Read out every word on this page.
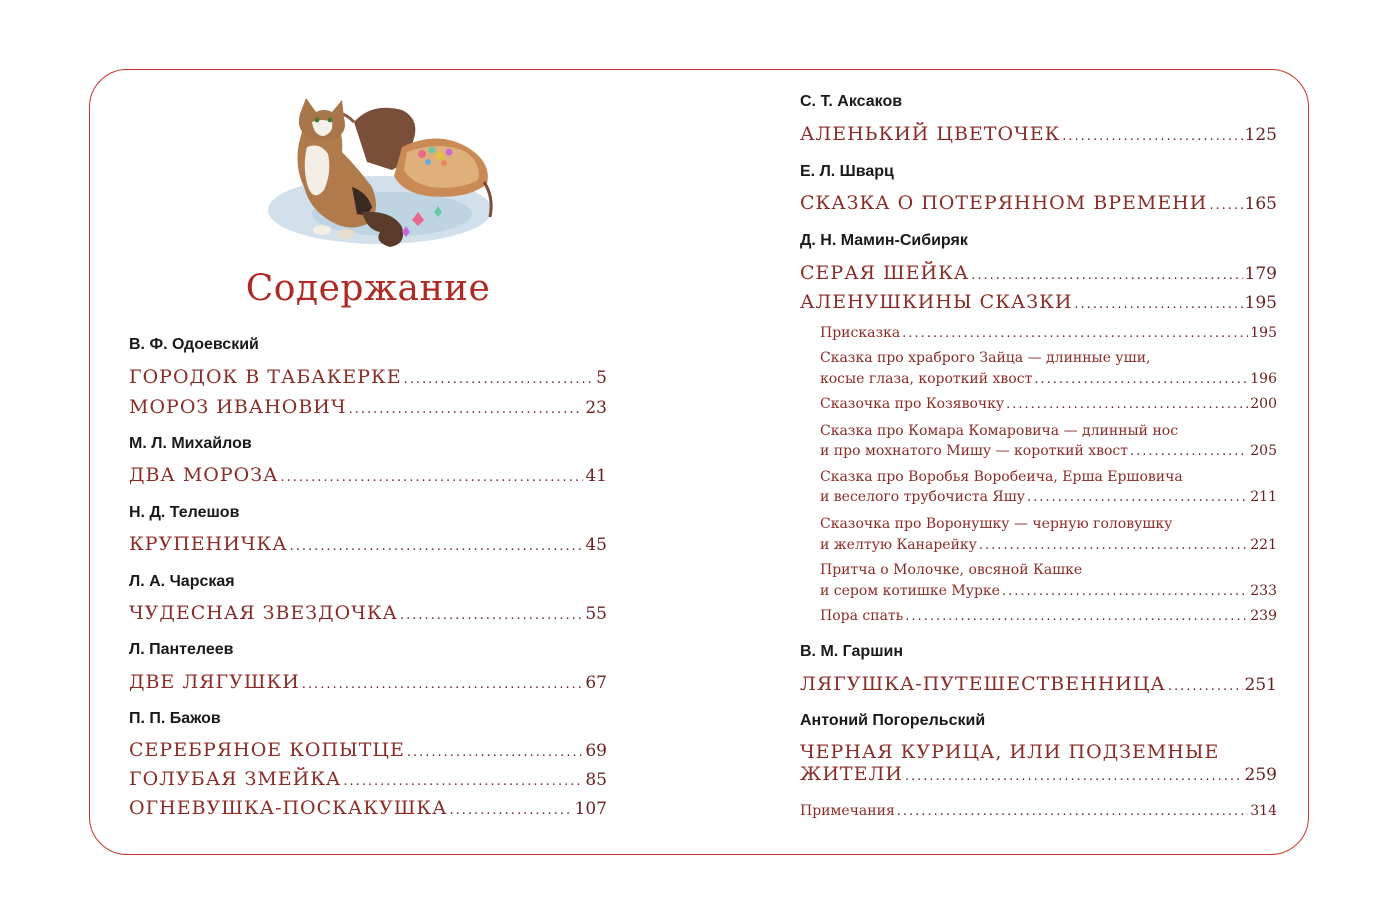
Содержание
В. Ф. Одоевский
ГОРОДОК В ТАБАКЕРКЕ .....	5
МОРОЗ ИВАНОВИЧ .....	23
М. Л. Михайлов
ДВА МОРОЗА .....	41
Н. Д. Телешов
КРУПЕНИЧКА .....	45
Л. А. Чарская
ЧУДЕСНАЯ ЗВЕЗДОЧКА .....	55
Л. Пантелеев
ДВЕ ЛЯГУШКИ .....	67
П. П. Бажов
СЕРЕБРЯНОЕ КОПЫТЦЕ .....	69
ГОЛУБАЯ ЗМЕЙКА .....	85
ОГНЕВУШКА-ПОСКАКУШКА .....	107
С. Т. Аксаков
АЛЕНЬКИЙ ЦВЕТОЧЕК .....	125
Е. Л. Шварц
СКАЗКА О ПОТЕРЯННОМ ВРЕМЕНИ ..... 165
Д. Н. Мамин-Сибиряк
СЕРАЯ ШЕЙКА .....	179
АЛЕНУШКИНЫ СКАЗКИ .....	195
Присказка .....	195
Сказка про храброго Зайца — длинные уши,
косые глаза, короткий хвост .....	196
Сказочка про Козявочку .....	200
Сказка про Комара Комаровича — длинный нос
и про мохнатого Мишу — короткий хвост .....	205
Сказка про Воробья Воробеича, Ерша Ершовича
и веселого трубочиста Яшу .....	211
Сказочка про Воронушку — черную головушку
и желтую Канарейку .....	221
Притча о Молочке, овсяной Кашке
и сером котишке Мурке .....	233
Пора спать .....	239
В. М. Гаршин
ЛЯГУШКА-ПУТЕШЕСТВЕННИЦА .....	251
Антоний Погорельский
ЧЕРНАЯ КУРИЦА, ИЛИ ПОДЗЕМНЫЕ
ЖИТЕЛИ .....	259
Примечания .....	314
